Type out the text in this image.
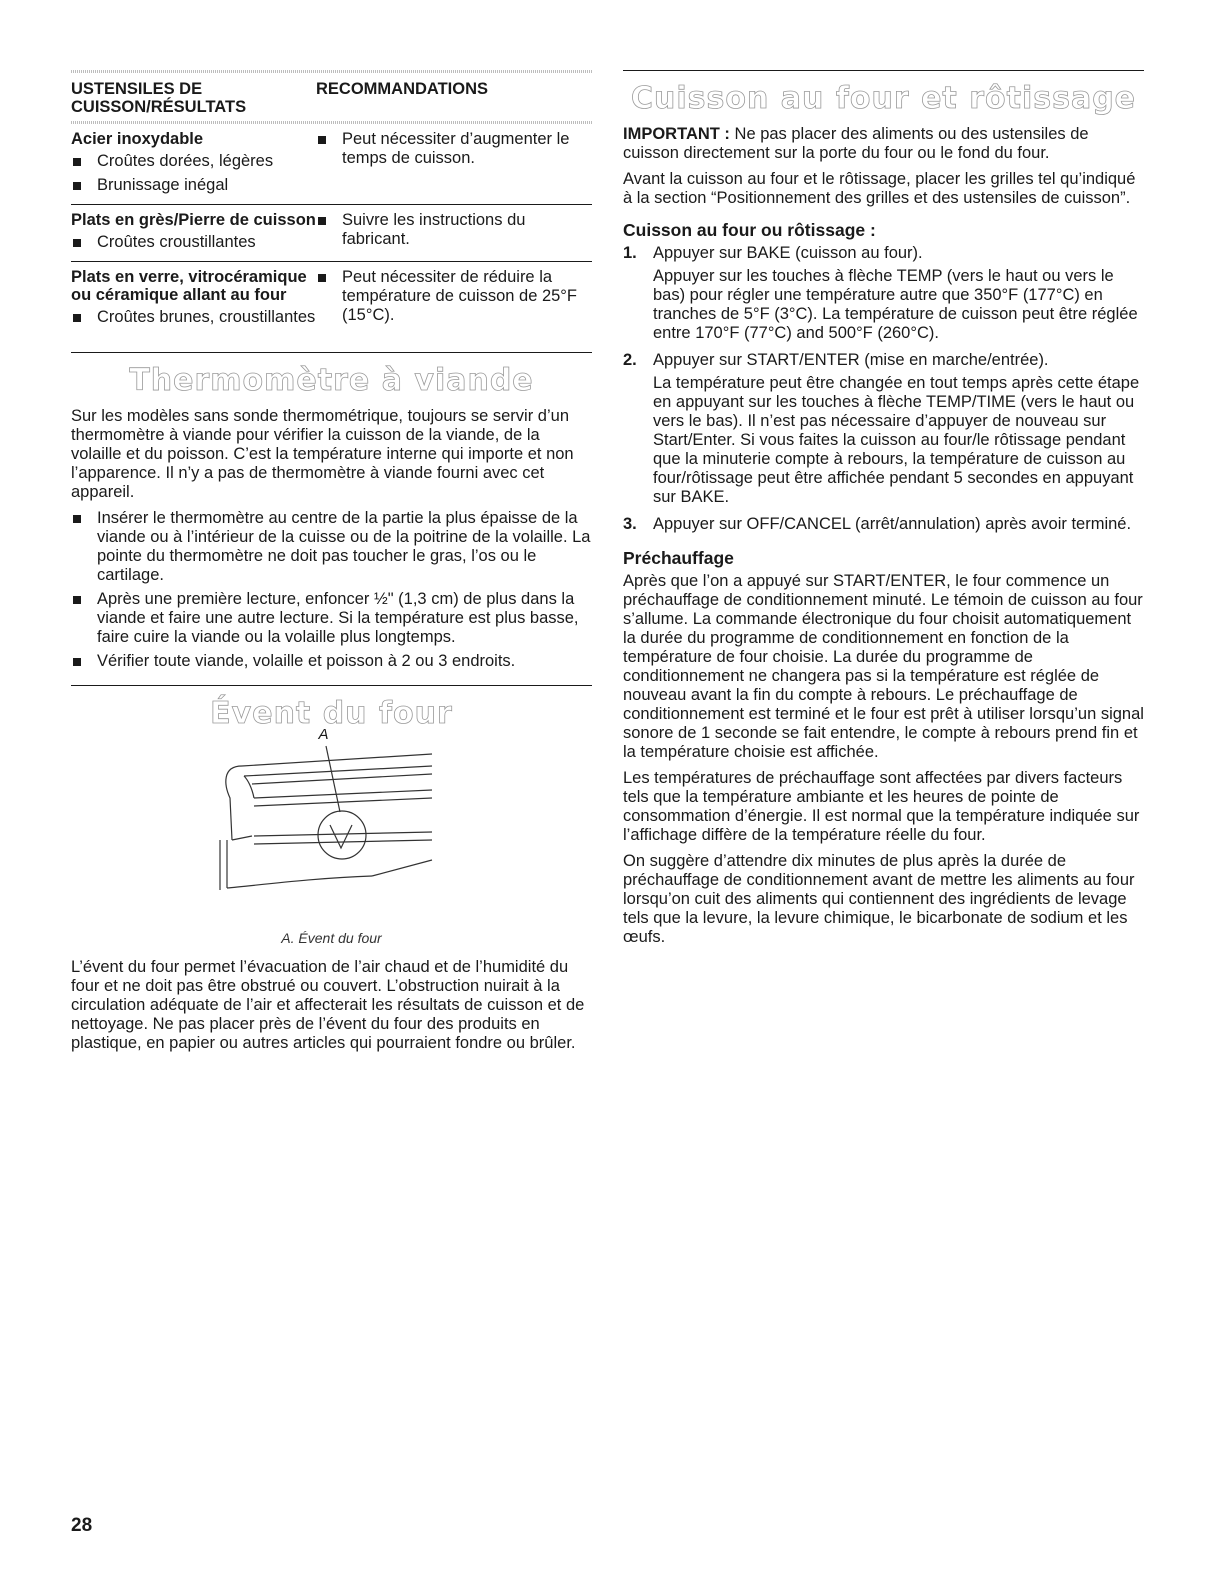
USTENSILES DE CUISSON/RÉSULTATS
RECOMMANDATIONS
Acier inoxydable
Croûtes dorées, légères
Brunissage inégal
Peut nécessiter d’augmenter le temps de cuisson.
Plats en grès/Pierre de cuisson
Croûtes croustillantes
Suivre les instructions du fabricant.
Plats en verre, vitrocéramique ou céramique allant au four
Croûtes brunes, croustillantes
Peut nécessiter de réduire la température de cuisson de 25°F (15°C).
Thermomètre à viande

Sur les modèles sans sonde thermométrique, toujours se servir d’un thermomètre à viande pour vérifier la cuisson de la viande, de la volaille et du poisson. C’est la température interne qui importe et non l’apparence. Il n’y a pas de thermomètre à viande fourni avec cet appareil.

Insérer le thermomètre au centre de la partie la plus épaisse de la viande ou à l’intérieur de la cuisse ou de la poitrine de la volaille. La pointe du thermomètre ne doit pas toucher le gras, l’os ou le cartilage.
Après une première lecture, enfoncer ½" (1,3 cm) de plus dans la viande et faire une autre lecture. Si la température est plus basse, faire cuire la viande ou la volaille plus longtemps.
Vérifier toute viande, volaille et poisson à 2 ou 3 endroits.
Évent du four
A
A. Évent du four

L’évent du four permet l’évacuation de l’air chaud et de l’humidité du four et ne doit pas être obstrué ou couvert. L’obstruction nuirait à la circulation adéquate de l’air et affecterait les résultats de cuisson et de nettoyage. Ne pas placer près de l’évent du four des produits en plastique, en papier ou autres articles qui pourraient fondre ou brûler.

Cuisson au four et rôtissage

IMPORTANT : Ne pas placer des aliments ou des ustensiles de cuisson directement sur la porte du four ou le fond du four.

Avant la cuisson au four et le rôtissage, placer les grilles tel qu’indiqué à la section “Positionnement des grilles et des ustensiles de cuisson”.

Cuisson au four ou rôtissage :
1. Appuyer sur BAKE (cuisson au four).
Appuyer sur les touches à flèche TEMP (vers le haut ou vers le bas) pour régler une température autre que 350°F (177°C) en tranches de 5°F (3°C). La température de cuisson peut être réglée entre 170°F (77°C) and 500°F (260°C).
2. Appuyer sur START/ENTER (mise en marche/entrée).
La température peut être changée en tout temps après cette étape en appuyant sur les touches à flèche TEMP/TIME (vers le haut ou vers le bas). Il n’est pas nécessaire d’appuyer de nouveau sur Start/Enter. Si vous faites la cuisson au four/le rôtissage pendant que la minuterie compte à rebours, la température de cuisson au four/rôtissage peut être affichée pendant 5 secondes en appuyant sur BAKE.
3. Appuyer sur OFF/CANCEL (arrêt/annulation) après avoir terminé.
Préchauffage

Après que l’on a appuyé sur START/ENTER, le four commence un préchauffage de conditionnement minuté. Le témoin de cuisson au four s’allume. La commande électronique du four choisit automatiquement la durée du programme de conditionnement en fonction de la température de four choisie. La durée du programme de conditionnement ne changera pas si la température est réglée de nouveau avant la fin du compte à rebours. Le préchauffage de conditionnement est terminé et le four est prêt à utiliser lorsqu’un signal sonore de 1 seconde se fait entendre, le compte à rebours prend fin et la température choisie est affichée.

Les températures de préchauffage sont affectées par divers facteurs tels que la température ambiante et les heures de pointe de consommation d’énergie. Il est normal que la température indiquée sur l’affichage diffère de la température réelle du four.

On suggère d’attendre dix minutes de plus après la durée de préchauffage de conditionnement avant de mettre les aliments au four lorsqu’on cuit des aliments qui contiennent des ingrédients de levage tels que la levure, la levure chimique, le bicarbonate de sodium et les œufs.

28
